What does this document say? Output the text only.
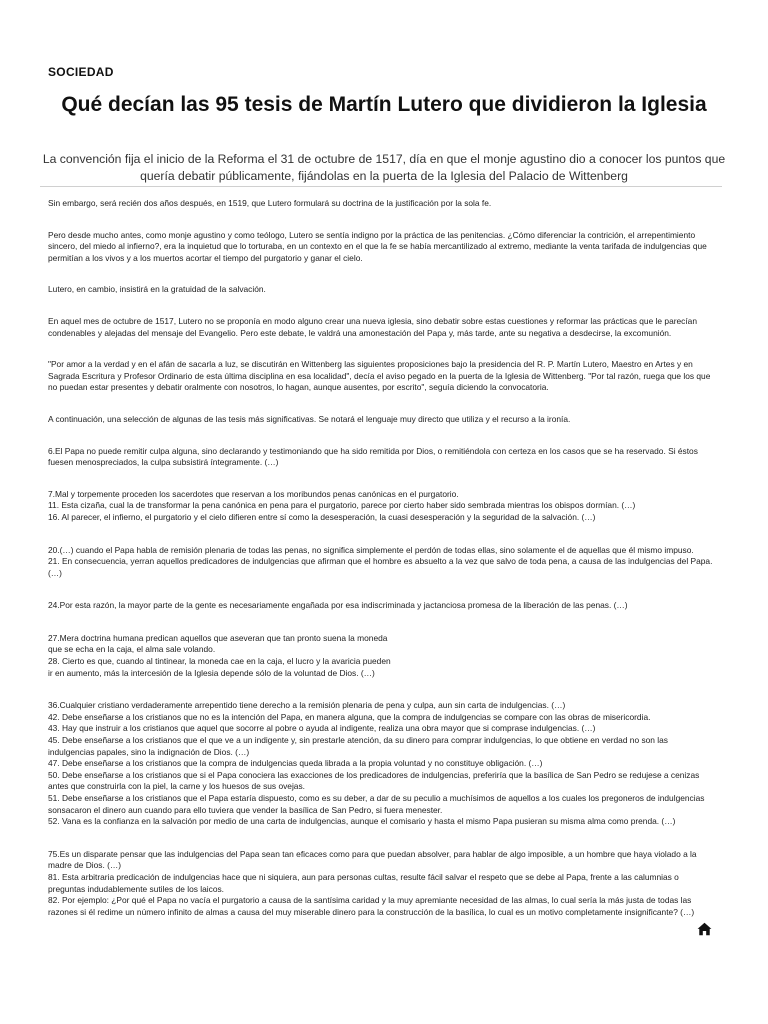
SOCIEDAD
Qué decían las 95 tesis de Martín Lutero que dividieron la Iglesia

La convención fija el inicio de la Reforma el 31 de octubre de 1517, día en que el monje agustino dio a conocer los puntos que quería debatir públicamente, fijándolas en la puerta de la Iglesia del Palacio de Wittenberg

Sin embargo, será recién dos años después, en 1519, que Lutero formulará su doctrina de la justificación por la sola fe.

Pero desde mucho antes, como monje agustino y como teólogo, Lutero se sentía indigno por la práctica de las penitencias. ¿Cómo diferenciar la contrición, el arrepentimiento sincero, del miedo al infierno?, era la inquietud que lo torturaba, en un contexto en el que la fe se había mercantilizado al extremo, mediante la venta tarifada de indulgencias que permitían a los vivos y a los muertos acortar el tiempo del purgatorio y ganar el cielo.

Lutero, en cambio, insistirá en la gratuidad de la salvación.

En aquel mes de octubre de 1517, Lutero no se proponía en modo alguno crear una nueva iglesia, sino debatir sobre estas cuestiones y reformar las prácticas que le parecían condenables y alejadas del mensaje del Evangelio. Pero este debate, le valdrá una amonestación del Papa y, más tarde, ante su negativa a desdecirse, la excomunión.

"Por amor a la verdad y en el afán de sacarla a luz, se discutirán en Wittenberg las siguientes proposiciones bajo la presidencia del R. P. Martín Lutero, Maestro en Artes y en Sagrada Escritura y Profesor Ordinario de esta última disciplina en esa localidad", decía el aviso pegado en la puerta de la Iglesia de Wittenberg. "Por tal razón, ruega que los que no puedan estar presentes y debatir oralmente con nosotros, lo hagan, aunque ausentes, por escrito", seguía diciendo la convocatoria.

A continuación, una selección de algunas de las tesis más significativas. Se notará el lenguaje muy directo que utiliza y el recurso a la ironía.

6.El Papa no puede remitir culpa alguna, sino declarando y testimoniando que ha sido remitida por Dios, o remitiéndola con certeza en los casos que se ha reservado. Si éstos fuesen menospreciados, la culpa subsistirá íntegramente. (…)

7.Mal y torpemente proceden los sacerdotes que reservan a los moribundos penas canónicas en el purgatorio.
11. Esta cizaña, cual la de transformar la pena canónica en pena para el purgatorio, parece por cierto haber sido sembrada mientras los obispos dormían. (…)
16. Al parecer, el infierno, el purgatorio y el cielo difieren entre sí como la desesperación, la cuasi desesperación y la seguridad de la salvación. (…)

20.(…) cuando el Papa habla de remisión plenaria de todas las penas, no significa simplemente el perdón de todas ellas, sino solamente el de aquellas que él mismo impuso.
21. En consecuencia, yerran aquellos predicadores de indulgencias que afirman que el hombre es absuelto a la vez que salvo de toda pena, a causa de las indulgencias del Papa. (…)

24.Por esta razón, la mayor parte de la gente es necesariamente engañada por esa indiscriminada y jactanciosa promesa de la liberación de las penas. (…)

27.Mera doctrina humana predican aquellos que aseveran que tan pronto suena la moneda
que se echa en la caja, el alma sale volando.
28. Cierto es que, cuando al tintinear, la moneda cae en la caja, el lucro y la avaricia pueden
ir en aumento, más la intercesión de la Iglesia depende sólo de la voluntad de Dios. (…)

36.Cualquier cristiano verdaderamente arrepentido tiene derecho a la remisión plenaria de pena y culpa, aun sin carta de indulgencias. (…)
42. Debe enseñarse a los cristianos que no es la intención del Papa, en manera alguna, que la compra de indulgencias se compare con las obras de misericordia.
43. Hay que instruir a los cristianos que aquel que socorre al pobre o ayuda al indigente, realiza una obra mayor que si comprase indulgencias. (…)
45. Debe enseñarse a los cristianos que el que ve a un indigente y, sin prestarle atención, da su dinero para comprar indulgencias, lo que obtiene en verdad no son las indulgencias papales, sino la indignación de Dios. (…)
47. Debe enseñarse a los cristianos que la compra de indulgencias queda librada a la propia voluntad y no constituye obligación. (…)
50. Debe enseñarse a los cristianos que si el Papa conociera las exacciones de los predicadores de indulgencias, preferiría que la basílica de San Pedro se redujese a cenizas antes que construirla con la piel, la carne y los huesos de sus ovejas.
51. Debe enseñarse a los cristianos que el Papa estaría dispuesto, como es su deber, a dar de su peculio a muchísimos de aquellos a los cuales los pregoneros de indulgencias sonsacaron el dinero aun cuando para ello tuviera que vender la basílica de San Pedro, si fuera menester.
52. Vana es la confianza en la salvación por medio de una carta de indulgencias, aunque el comisario y hasta el mismo Papa pusieran su misma alma como prenda. (…)

75.Es un disparate pensar que las indulgencias del Papa sean tan eficaces como para que puedan absolver, para hablar de algo imposible, a un hombre que haya violado a la madre de Dios. (…)
81. Esta arbitraria predicación de indulgencias hace que ni siquiera, aun para personas cultas, resulte fácil salvar el respeto que se debe al Papa, frente a las calumnias o preguntas indudablemente sutiles de los laicos.
82. Por ejemplo: ¿Por qué el Papa no vacía el purgatorio a causa de la santísima caridad y la muy apremiante necesidad de las almas, lo cual sería la más justa de todas las razones si él redime un número infinito de almas a causa del muy miserable dinero para la construcción de la basílica, lo cual es un motivo completamente insignificante? (…)
